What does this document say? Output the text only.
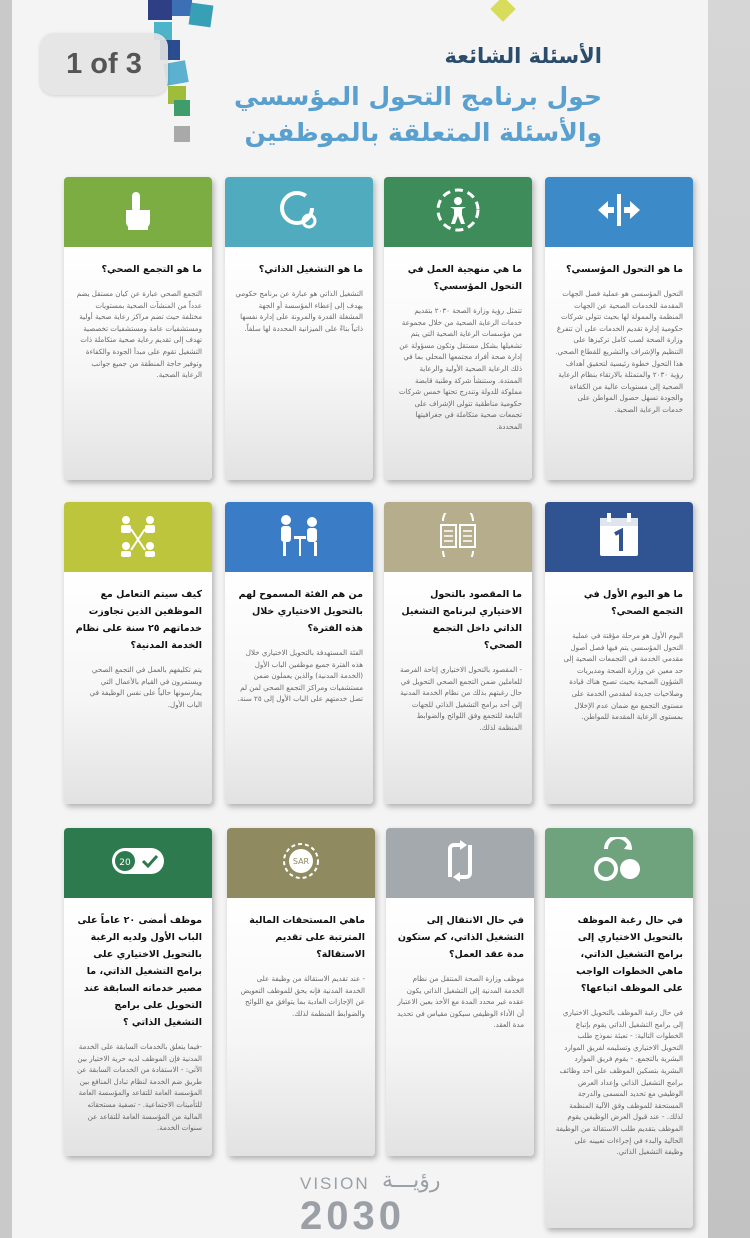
1 of 3	الأسئلة الشائعة
حول برنامج التحول المؤسسي
والأسئلة المتعلقة بالموظفين
ما هو التجمع الصحي؟
التجمع الصحي عبارة عن كيان مستقل يضم عدداً من المنشآت الصحية بمستويات مختلفة حيث تضم مراكز رعاية صحية أولية ومستشفيات عامة ومستشفيات تخصصية تهدف إلى تقديم رعاية صحية متكاملة ذات التشغيل تقوم على مبدأ الجودة والكفاءة وتوفير حاجة المنطقة من جميع جوانب الرعاية الصحية.
ما هو التشغيل الذاتي؟
التشغيل الذاتي هو عبارة عن برنامج حكومي يهدف إلى إعطاء المؤسسة أو الجهة المشغلة القدرة والمرونة على إدارة نفسها ذاتياً بناءً على الميزانية المحددة لها سلفاً.
ما هي منهجية العمل في التحول المؤسسي؟
تتمثل رؤية وزارة الصحة ٢٠٣٠ بتقديم خدمات الرعاية الصحية من خلال مجموعة من مؤسسات الرعاية الصحية التي يتم تشغيلها بشكل مستقل وتكون مسؤولة عن إدارة صحة أفراد مجتمعها المحلي بما في ذلك الرعاية الصحية الأولية والرعاية الممتدة. وستنشأ شركة وطنية قابضة مملوكة للدولة وتندرج تحتها خمس شركات حكومية مناطقية تتولى الإشراف على تجمعات صحية متكاملة في جغرافيتها المحددة.
ما هو التحول المؤسسي؟
التحول المؤسسي هو عملية فصل الجهات المقدمة للخدمات الصحية عن الجهات المنظمة والممولة لها بحيث تتولى شركات حكومية إدارة تقديم الخدمات على أن تتفرغ وزارة الصحة لصب كامل تركيزها على التنظيم والإشراف والتشريع للقطاع الصحي. هذا التحول خطوة رئيسية لتحقيق أهداف رؤية ٢٠٣٠ والمتمثلة بالارتقاء بنظام الرعاية الصحية إلى مستويات عالية من الكفاءة والجودة تسهل حصول المواطن على خدمات الرعاية الصحية.
كيف سيتم التعامل مع الموظفين الذين تجاوزت خدماتهم ٢٥ سنة على نظام الخدمة المدنية؟
يتم تكليفهم بالعمل في التجمع الصحي ويستمرون في القيام بالأعمال التي يمارسونها حالياً على نفس الوظيفة في الباب الأول.
من هم الفئة المسموح لهم بالتحويل الاختياري خلال هذه الفترة؟
الفئة المستهدفة بالتحويل الاختياري خلال هذه الفترة جميع موظفين الباب الأول (الخدمة المدنية) والذين يعملون ضمن مستشفيات ومراكز التجمع الصحي لمن لم تصل خدمتهم على الباب الأول إلى ٢٥ سنة.
ما المقصود بالتحول الاختياري لبرنامج التشغيل الذاتي داخل التجمع الصحي؟
- المقصود بالتحول الاختياري إتاحة الفرصة للعاملين ضمن التجمع الصحي التحويل في حال رغبتهم بذلك من نظام الخدمة المدنية إلى أحد برامج التشغيل الذاتي للجهات التابعة للتجمع وفق اللوائح والضوابط المنظمة لذلك.
ما هو اليوم الأول في التجمع الصحي؟
اليوم الأول هو مرحلة مؤقتة في عملية التحول المؤسسي يتم فيها فصل أصول مقدمي الخدمة في التجمعات الصحية إلى حد معين عن وزارة الصحة ومديريات الشؤون الصحية بحيث تصبح هناك قيادة وصلاحيات جديدة لمقدمي الخدمة على مستوى التجمع مع ضمان عدم الإخلال بمستوى الرعاية المقدمة للمواطن.
20
موظف أمضى ٢٠ عاماً على الباب الأول ولديه الرغبة بالتحويل الاختياري على برامج التشغيل الذاتي، ما مصير خدماته السابقة عند التحويل على برامج التشغيل الذاتي ؟
-فيما يتعلق بالخدمات السابقة على الخدمة المدنية فإن الموظف لديه حرية الاختيار بين الآتي: - الاستفادة من الخدمات السابقة عن طريق ضم الخدمة لنظام تبادل المنافع بين المؤسسة العامة للتقاعد والمؤسسة العامة للتأمينات الاجتماعية. - تصفية مستحقاته المالية من المؤسسة العامة للتقاعد عن سنوات الخدمة.
SAR
ماهي المستحقات المالية المترتبة على تقديم الاستقالة؟
- عند تقديم الاستقالة من وظيفة على الخدمة المدنية فإنه يحق للموظف التعويض عن الإجازات العادية بما يتوافق مع اللوائح والضوابط المنظمة لذلك.
في حال الانتقال إلى التشغيل الذاتي، كم ستكون مدة عقد العمل؟
موظف وزارة الصحة المنتقل من نظام الخدمة المدنية إلى التشغيل الذاتي يكون عقده غير محدد المدة مع الأخذ بعين الاعتبار أن الأداء الوظيفي سيكون مقياس في تحديد مدة العقد.
في حال رغبة الموظف بالتحويل الاختياري إلى برامج التشغيل الذاتي، ماهي الخطوات الواجب على الموظف اتباعها؟
في حال رغبة الموظف بالتحويل الاختياري إلى برامج التشغيل الذاتي يقوم بإتباع الخطوات التالية: - تعبئة نموذج طلب التحويل الاختياري وتسليمه لفريق الموارد البشرية بالتجمع. - يقوم فريق الموارد البشرية بتسكين الموظف على أحد وظائف برامج التشغيل الذاتي وإعداد العرض الوظيفي مع تحديد المسمى والدرجة المستحقة للموظف وفق الآلية المنظمة لذلك. - عند قبول العرض الوظيفي يقوم الموظف بتقديم طلب الاستقالة من الوظيفة الحالية والبدء في إجراءات تعيينه على وظيفة التشغيل الذاتي.
VISION رؤيـــة
2030
